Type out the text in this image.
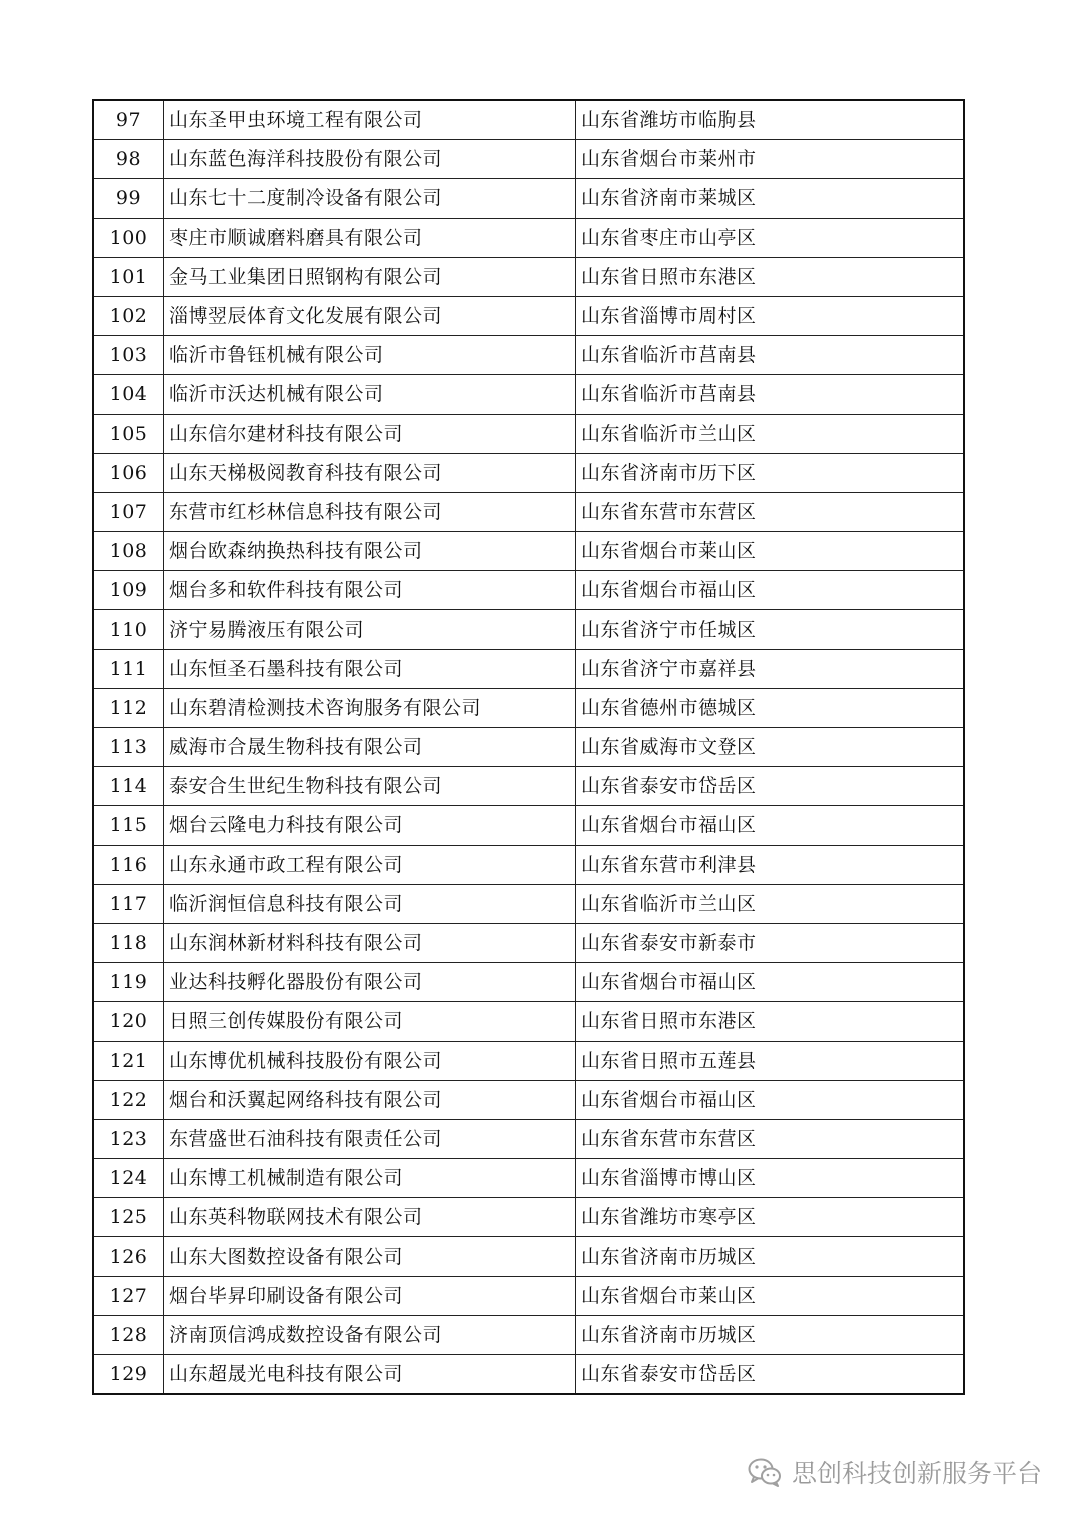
97	山东圣甲虫环境工程有限公司	山东省潍坊市临朐县
98	山东蓝色海洋科技股份有限公司	山东省烟台市莱州市
99	山东七十二度制冷设备有限公司	山东省济南市莱城区
100	枣庄市顺诚磨料磨具有限公司	山东省枣庄市山亭区
101	金马工业集团日照钢构有限公司	山东省日照市东港区
102	淄博翌辰体育文化发展有限公司	山东省淄博市周村区
103	临沂市鲁钰机械有限公司	山东省临沂市莒南县
104	临沂市沃达机械有限公司	山东省临沂市莒南县
105	山东信尔建材科技有限公司	山东省临沂市兰山区
106	山东天梯极阅教育科技有限公司	山东省济南市历下区
107	东营市红杉林信息科技有限公司	山东省东营市东营区
108	烟台欧森纳换热科技有限公司	山东省烟台市莱山区
109	烟台多和软件科技有限公司	山东省烟台市福山区
110	济宁易腾液压有限公司	山东省济宁市任城区
111	山东恒圣石墨科技有限公司	山东省济宁市嘉祥县
112	山东碧清检测技术咨询服务有限公司	山东省德州市德城区
113	威海市合晟生物科技有限公司	山东省威海市文登区
114	泰安合生世纪生物科技有限公司	山东省泰安市岱岳区
115	烟台云隆电力科技有限公司	山东省烟台市福山区
116	山东永通市政工程有限公司	山东省东营市利津县
117	临沂润恒信息科技有限公司	山东省临沂市兰山区
118	山东润林新材料科技有限公司	山东省泰安市新泰市
119	业达科技孵化器股份有限公司	山东省烟台市福山区
120	日照三创传媒股份有限公司	山东省日照市东港区
121	山东博优机械科技股份有限公司	山东省日照市五莲县
122	烟台和沃翼起网络科技有限公司	山东省烟台市福山区
123	东营盛世石油科技有限责任公司	山东省东营市东营区
124	山东博工机械制造有限公司	山东省淄博市博山区
125	山东英科物联网技术有限公司	山东省潍坊市寒亭区
126	山东大图数控设备有限公司	山东省济南市历城区
127	烟台毕昇印刷设备有限公司	山东省烟台市莱山区
128	济南顶信鸿成数控设备有限公司	山东省济南市历城区
129	山东超晟光电科技有限公司	山东省泰安市岱岳区
思创科技创新服务平台
